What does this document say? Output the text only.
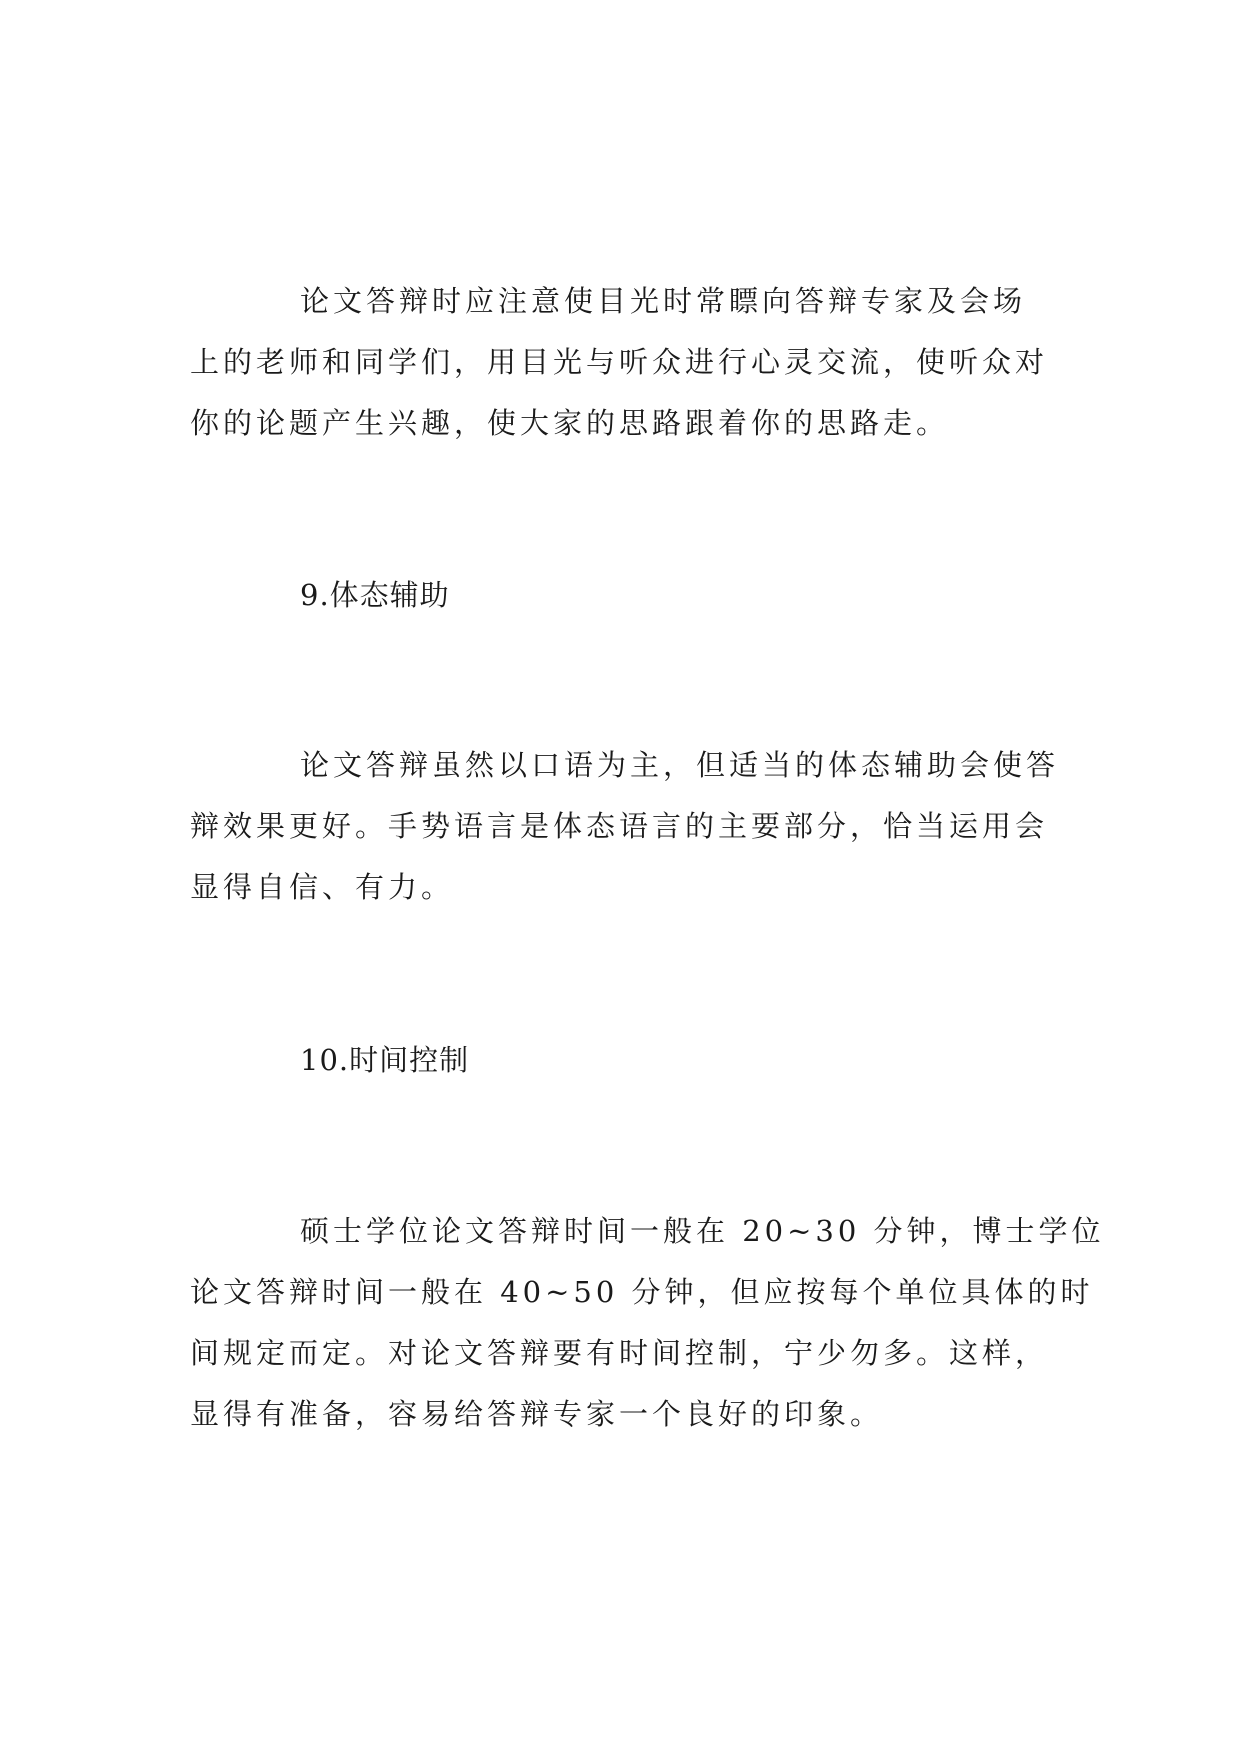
论文答辩时应注意使目光时常瞟向答辩专家及会场
上的老师和同学们，用目光与听众进行心灵交流，使听众对
你的论题产生兴趣，使大家的思路跟着你的思路走。

9.体态辅助

论文答辩虽然以口语为主，但适当的体态辅助会使答
辩效果更好。手势语言是体态语言的主要部分，恰当运用会
显得自信、有力。

10.时间控制

硕士学位论文答辩时间一般在 20~30 分钟，博士学位
论文答辩时间一般在 40~50 分钟，但应按每个单位具体的时
间规定而定。对论文答辩要有时间控制，宁少勿多。这样，
显得有准备，容易给答辩专家一个良好的印象。
